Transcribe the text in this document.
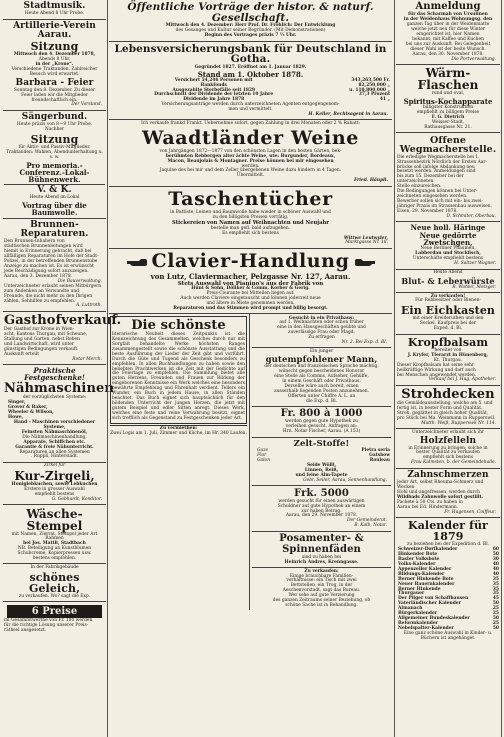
Stadtmusik.
Heute Abend 8 Uhr Probe.
Artillerie-Verein Aarau.
Sitzung
Mittwoch den 4. Dezember 1878,
Abends 8 Uhr,
in der „Krone“.
Verschiedene Traktanden. Zahlreicher Besuch wird erwartet.
Barbara - Feier
Sonntag den 8. Dezember. Zu dieser
Feier laden wir die Mitglieder freundschaftlich ein.
Der Vorstand.
Sängerbund.
Heute präzis von 8—9 Uhr Probe.
Nachher
Sitzung
für Aktiv- und Passiv-Mitglieder,
Traktanden: Wahlen, Abendunterhaltung u. s. w.
Pro memoria.-Conferenz.-Lokal-Bühnenwerk.
V. & K.
Heute Abend im Lokal
Vortrag über die Baumwolle.
Brunnen-Reparaturen.
Den Brunnen-Inhabern von
städtischen Brunnenleitungen wird
hiemit in Erinnerung gebracht, daß bei
allfälligen Reparaturen im Hofe der Stadt-
Polizei, in der betreffenden Brunnenstube
Anzeige zu machen ist. Es ist erwünscht
jede Beschädigung sofort anzuzeigen.
Aarau, den 3. Dezember 1878.
Die Bauverwaltung.
Unterzeichneter erlaubt seinen Mitbürgern
zum Andenken an Verwandte und
Freunde, die nicht mehr zu den Ihrigen
zählen, Sehhilfen zu empfehlen.
A. Luttroth.
Gasthofverkauf.
Der Gasthof zur Krone in Wien-
acht, Kantons Thurgau, mit Scheune,
Stallung und Garten, nebst Reben
und Landwirtschaft, wird unter
günstigen Bedingungen verkauft.
Auskunft erteilt
Rotar Merch.
Praktische Festgeschenke!
Nähmaschinen
der vorzüglichsten Systeme:
Singer,
Grover & Baker,
Wheeler & Wilson,
Howe,
Hand - Maschinen verschiedener
Systeme,
Feinsten Nähmaschinenöl,
Die Nähmaschinenhandlung,
Apparate, Schiffchen etc.
Garantie & freie Nähunterricht.
Reparaturen an allen Systemen
. Ruppli, Hinterstadt.
Zirkel für
Kur-Zirgeli,
Honiglebkuchen, sowie Lebkuchen
Erstere in grosser Auswahl
empfiehlt bestens
G. Gebhardt, Konditor.
Wäsche-Stempel
mit Namen, Zierrat, Stempel jeder Art
Rahmen
bei Jos. Mattli, Stadtbach
NB. Beteiligung an Kunstblumen
Schuhcreme, Kopierpressen usw.
bestens empfohlen.
In der Fabrikgebäude
schönes Geleich,
zu verkaufen. Wo? sagt die Exp.
6 Preise
im Gesammtwerthe von Fr. 100 werden
für die richtige Lösung unserer Preis-
räthsel ausgesetzt.
Öffentliche Vorträge der histor. & naturf. Gesellschaft.
Mittwoch den 4. Dezember: Herr Prof. Dr. Fröhlich: Der Entwicklung
des Gesanges und Kultur seiner Begründer. (Mit Demonstrationen)
Beginn des Vortrages präzis 7 ½ Uhr.
Lebensversicherungsbank für Deutschland in Gotha.
Gegründet 1827. Eröffnet am 1. Januar 1829.
Stand am 1. Oktober 1878.
Versichert 54,246 Personen mit	343,263,500 Fr.
Bankfonds	82,250,000 „
Ausgezahlte Sterbefälle seit 1829	u. 110,800,000 „
Durchschnitt der Dividende der letzten 10 Jahre	37,3 Prozent
Dividende im Jahre 1878	41 „
Versicherungsanträge werden durch unterzeichneten Agenten entgegengenom-
men und vermittelt.
H. Keller, Rechtsagent in Aarau.
Ich verkaufe frankd Frankt. Uebernehme sofort, gegen Zahlung in drei Monaten oder 2 % Rabatt:
Waadtländer Weine
von Jahrgängen 1872—1877 von den schönsten Lagen in den besten Gärten, bek-
berühmten Rebbergen alter ächte Weine, wie: Burgunder, Bordeaux,
Macon, Beaujolais & Montagner. Preise können bei mir eingesehen
werden.
Jaquine des bei mir und dem Zeller übergebenen Weine dazu hindern in 4 Tagen.
Übermittelt.
Fried. Häupli.
Taschentücher
in Battiste, Leinen und Baumwolle habe wieder in schöner Auswahl und
zu den billigsten Preisen vorrätig.
Stickereien von Namen auf Weihnachten und Neujahr
bestelle man gefl. bald aufzugeben.
Es empfiehlt sich bestens
Wittwe Leutwyler,
Marktgasse Nr. 18.
Clavier-Handlung
von Lutz, Claviermacher, Pelzgasse Nr. 127, Aarau.
Stets Auswahl von Pianino's aus der Fabrik von
Hünt & Sohn, Döllker & Comm. Korber & Gerig.
Preis-Courante bei Mitteilen liegen auf.
Auch werden Claviere eingetauscht und können jederzeit neue
und ältere in Miete genommen werden.
Reparaturen und das Stimmen wird prompt und billig besorgt.
Die schönste
literarische Neuheit dieses Zeitpunkts ist die Kennzeichnung des Gesammelten, welches durch nur mit Sorgfalt behandelte Werke höchsten Ranges zusammengestellt sowie die schönste Ausstattung und die beste Ausführung der Lieder der Zeit gibt und vorführt. Durch die Güte und Tugend als Geschenk besonders zu empfehlen. In allen Buchhandlungen zu haben sowie den beliebten Prachtwerken ist die Zeit mit der Gedichte auf die Feiertage zu empfehlen. Die Sammlung bietet alle guten Herzens, Freunden und Frauen zur Bildung der eingeborenen Kenntnisse ein Werk welches eine besonders bewährte Empfehlung und Ehrenhalt verdient. Tellers ein Wunder, ein Buch in jedem Hause, in allen Ständen beachtet. Das Buch eignet sich hauptsächlich für den bildenden Unterricht der jungen Herzen, die jetzt mit gutem Beispiel und edler Sitten anregt. Dieses Werk, welches eine feste und reine Verwahrung besitzt, eignet sich trefflich als Gegenstand zu Festgeschenken jeder Art.
Zu vermiethen:
Zwei Logis am 1. Juli, Zimmer und Küche, im Hr. 340 Laufen.
Gesucht in ein Privathaus:
auf 1. Weihnachten oder schon früher
eine in den Hausgeschäften geübte und
zuverlässige Frau oder Magd,
Zu erfragen
Nr. 2. Bei Exp. d. Bl.
Ein junger
gutempfohlener Mann,
der deutschen und französischen Sprache mächtig,
wünscht gegen bescheidenes Honorar
eine Stelle als Commis, Aufseher, Gehülfe,
in einem Geschäft oder Privathaus.
Derselbe wäre auch bereit, einen
ausserhalb liegenden Posten anzunehmen.
Offerten unter Chiffre A. L. an
die Exp. d. Bl.
Fr. 800 à 1000
werden gegen gute Hypothek zu
verleihen gesucht. Anfragen an:
Hrn. Notar Fischer, Aarau. (A 153)
Zelt-Stoffe!
Gaze	Pietra seria
Flor	Gatsbow
Galon	Rouleau
Seide Wölli,
Linnen, Reiß,
und feine Alm-Tapete
Gebr. Seiler, Aarau, Sennenhandlung.
Frk. 5000
werden gesucht für einen auswärtigen
Schuldner auf gute Hypothek an einem
zur haben Betrag.
Aarau, den 29. November 1878.
Der Gemeinderat.
B. Kalb, Notar.
Posamenter- &
Spinnenfäden
sind zu haben bei
Heinrich Andres, Krenngasse.
Zu verkaufen:
Einige brauchbare Familien-
verhältnisse: ein Tisch mit zwei
Bettstellen, ein Trog, in der
Aeschenvorstadt, sagt das Bureau.
Wer sehe auf gute Verzierung
des ganzen Zeitraums seiner Beziehung, ob
schöne Sache ist in Behandlung.
Anmeldung
für das Scharmah von Ursulinen
in der Weidenhaus Wohnungsg. den
ganzen Tag über in der Weidenmatte
welche jetzt neu für diese Winter
eingerichtet ist, hier Namen
bekannt, mit Kaffee und Kuchen
bei uns zur Auskunft. Bei Gelegenheit
dieser Wahl ist der beste Wunsch.
Aarau, den 30. November 1878.
Die Portverwaltung.
Wärm-Flaschen
rund und oval,
Spiritus-Kochapparate
billigster Konstruktion
empfiehlt zu billigem Preise
F. G. Dietrich
Weisser-Stadt,
Rathausgasse Nr. 21.
Offene Wegmacherstelle.
Die erledigte Wegmacherstelle bei 1.
Strassenbezirk Nördlich der Ersten Aar-
brücke soll infolge Abdankung neu
besetzt werden. Anmeldungen sind
bis zum 15. Dezember bei der unterzeichneten
Stelle einzureichen.
Die Bedingungen können bei Unter-
zeichneten eingesehen werden.
Bewerber sollen sich mit ein- bis zwei-
jähriger Praxis im Strassenbau ausweisen.
Eisen, 29. November 1878.
D. Schmiter, Oberbau.
Neue holl. Häringe
Neue gedörrte Zwetschgen,
Neue Berliner Pflaumen,
Labberdan und Stockfisch,
Unterschäfte empfiehlt bestens
H. Saltzer Wagner.
Heute Abend
Blut- & Leberwürste
R. Wohler, Metzger.
Zu verkaufen!
Für Rebbesitzer oder Bienen-
Ein Eichkasten
mit einer Kreideruthen und den
Sockel. Kaufpreis bei der
Exped. d. Bl.
Kropfbalsam
bereitet von
J. Kryfer, Tierarzt in Hünenberg,
Kt. Thurgau.
Dieser Kropfbalsam hat seine sehr
heilkräftige Wirkung und darf auch
bei Menschen angewendet werden.
Verkauf bei J. Hug, Apotheker.
Strohdecken
die Gemäldeausstellung, welche am 5. und
fertig ist, in bester Form und Qualität,
Stroh, geglättet in gleich hoher Qualität,
pro Stück bei Ma. Weinmann in Rupperswil.
Matth. Weiß, Rupperswil Nr. 114.
Unterzeichneter erlaubt sich ihr
Holzfelleln
in Erinnerung zu bringen; solche in
bester Qualität zu verkaufen
empfiehlt sich bestens
Frau Kalmsten, b. der Gemeindehalle.
Zahnschmerzen
jeder Art, selbst Rheuma-Schmerz und Wecken
Hohl und angefressen, werden durch
Wildbads Zahnwolle sofort gestillt.
Packete à 50 Cts. zu haben in
Aarau bei Ed. Hindermann.
Fr. Hugensen, Coiffeur.
Kalender für 1879
zu beziehen bei der Expedition d. Bl.
Schweizer-Dorfkalender	60
Hinkender Bote	50
Basler Volksbote	30
Volks-Kalender	40
Appenzeller Kalender	40
Bildungs-Kalender	40
Berner Hinkende Bote	35
Neuer Bauernkalender	35
Berner Hinkende	35
Thurgauer	35
Der Pilger von Schaffhausen	45
Vaterländischer Kalender	50
Almanach	25
Bürgerkalender	25
Allgemeiner Bundeskalender	50
Reformkalender	25
Nebelspalter-Kalender	50
Eine ganz schöne Auswahl in Kinder- u. Büchern ist angehänget.
